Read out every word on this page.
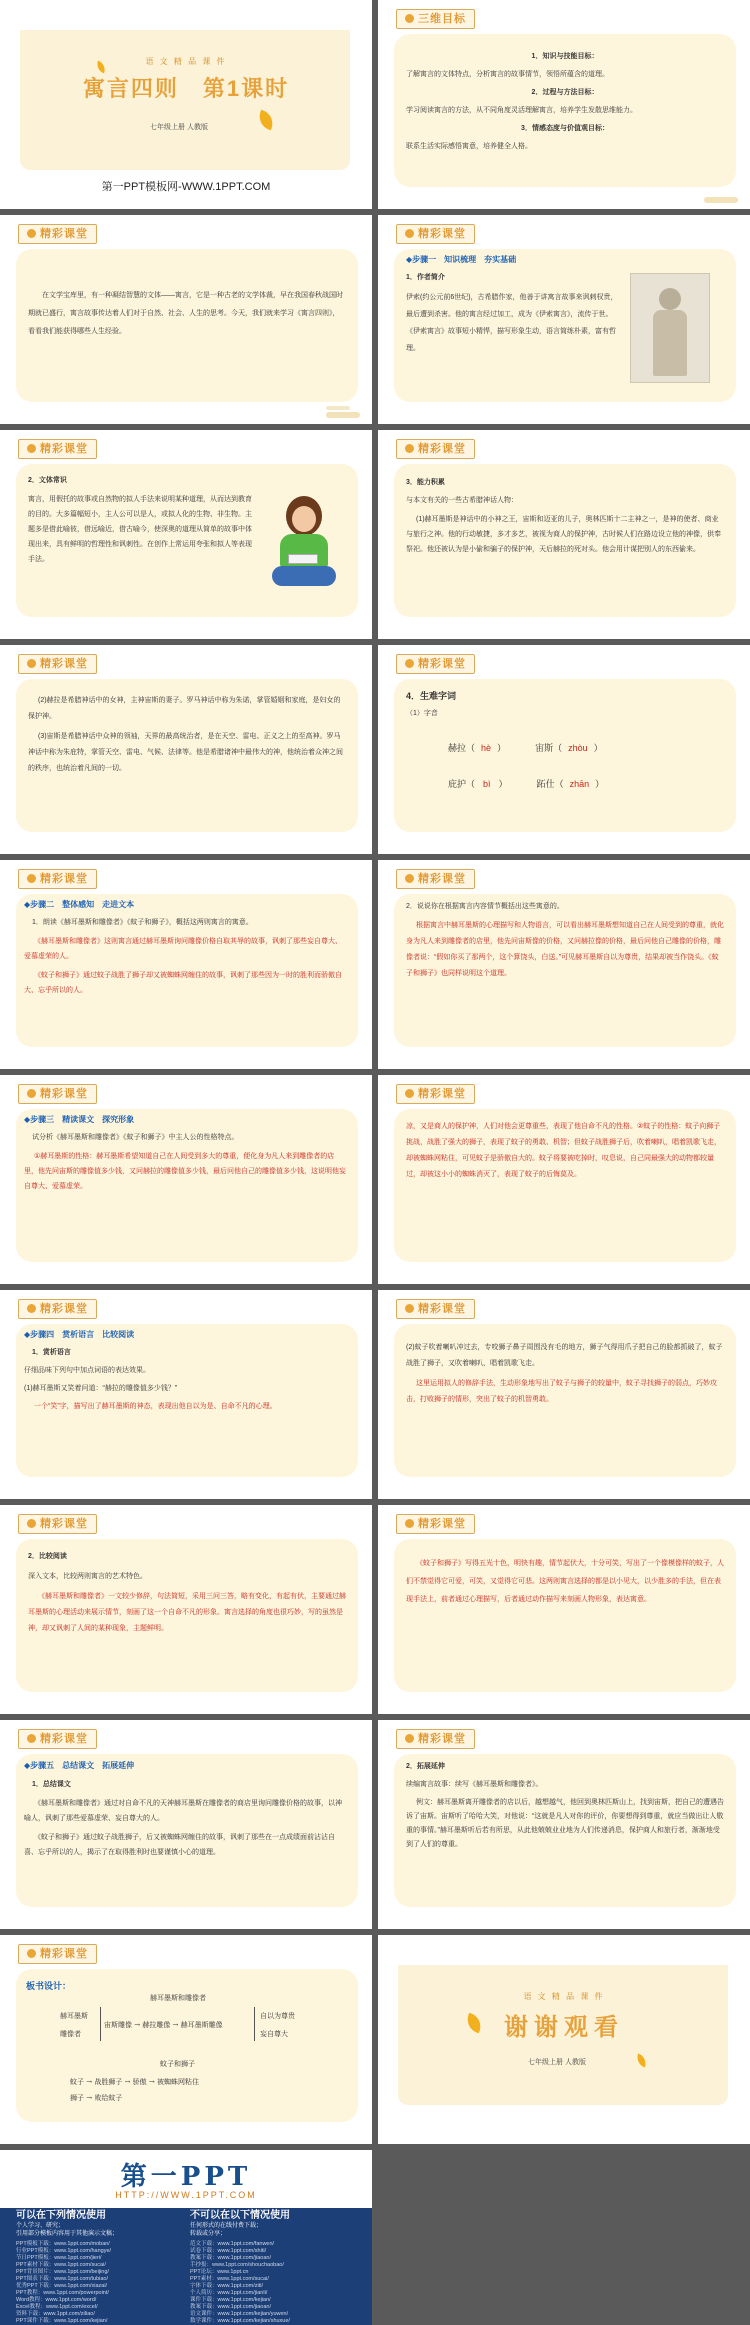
语 文 精 品 课 件
寓言四则　第1课时
七年级上册 人教版
第一PPT模板网-WWW.1PPT.COM
三维目标

1．知识与技能目标：

了解寓言的文体特点，分析寓言的故事情节，领悟所蕴含的道理。

2．过程与方法目标：

学习阅读寓言的方法，从不同角度灵活理解寓言，培养学生发散思维能力。

3．情感态度与价值观目标：

联系生活实际感悟寓意，培养健全人格。

精彩课堂
在文学宝库里，有一种凝结智慧的文体——寓言，它是一种古老的文学体裁，早在我国春秋战国时期就已盛行，寓言故事传达着人们对于自然、社会、人生的思考。今天，我们就来学习《寓言四则》，看看我们能获得哪些人生经验。
精彩课堂

◆步骤一　知识梳理　夯实基础

1．作者简介

伊索(约公元前6世纪)，古希腊作家，他善于讲寓言故事来讽刺权贵，最后遭到杀害。他的寓言经过加工，成为《伊索寓言》，流传于世。《伊索寓言》故事短小精悍，描写形象生动，语言简练朴素，富有哲理。

精彩课堂

2．文体常识

寓言，用假托的故事或自然物的拟人手法来说明某种道理，从而达到教育的目的。大多篇幅短小，主人公可以是人，或拟人化的生物、非生物。主题多是借此喻彼，借远喻近，借古喻今，使深奥的道理从简单的故事中体现出来，具有鲜明的哲理性和讽刺性。在创作上常运用夸张和拟人等表现手法。

精彩课堂

3．能力积累

与本文有关的一些古希腊神话人物：

(1)赫耳墨斯是神话中的小神之王，宙斯和迈亚的儿子，奥林匹斯十二主神之一，是神的使者、商业与旅行之神。他的行动敏捷，多才多艺，被视为商人的保护神，古时候人们在路边设立他的神像，供奉祭祀。他还被认为是小偷和骗子的保护神，天后赫拉的死对头。他会用计谋把别人的东西偷来。

精彩课堂

(2)赫拉是希腊神话中的女神，主神宙斯的妻子。罗马神话中称为朱诺，掌管婚姻和家庭，是妇女的保护神。

(3)宙斯是希腊神话中众神的领袖，天界的最高统治者，是在天空、雷电、正义之上的至高神。罗马神话中称为朱庇特，掌管天空、雷电、气候、法律等。他是希腊诸神中最伟大的神，他统治着众神之间的秩序，也统治着凡间的一切。

精彩课堂

4．生难字词

（1）字音

赫拉（ hè ）	宙斯（ zhòu ）
庇护（ bì ）	跖仕（ zhān ）
精彩课堂

◆步骤二　整体感知　走进文本

1．朗读《赫耳墨斯和雕像者》《蚊子和狮子》，概括这两则寓言的寓意。

《赫耳墨斯和雕像者》这则寓言通过赫耳墨斯询问雕像价格自取其辱的故事，讽刺了那些妄自尊大、爱慕虚荣的人。

《蚊子和狮子》通过蚊子战胜了狮子却又被蜘蛛网缠住的故事，讽刺了那些因为一时的胜利而骄傲自大、忘乎所以的人。

精彩课堂

2．说说你在根据寓言内容情节概括出这些寓意的。

根据寓言中赫耳墨斯的心理描写和人物语言，可以看出赫耳墨斯想知道自己在人间受到的尊重，就化身为凡人来到雕像者的店里，他先问宙斯像的价格，又问赫拉像的价格，最后问他自己雕像的价格，雕像者说：“假如你买了那两个，这个算饶头，白送。”可见赫耳墨斯自以为尊贵，结果却被当作饶头。《蚊子和狮子》也同样说明这个道理。

精彩课堂

◆步骤三　精读课文　探究形象

试分析《赫耳墨斯和雕像者》《蚊子和狮子》中主人公的性格特点。

①赫耳墨斯的性格：赫耳墨斯希望知道自己在人间受到多大的尊重，便化身为凡人来到雕像者的店里，他先问宙斯的雕像值多少钱，又问赫拉的雕像值多少钱，最后问他自己的雕像值多少钱，这说明他妄自尊大、爱慕虚荣。

精彩课堂
凉，又是商人的保护神，人们对他会更尊重些，表现了他自命不凡的性格。②蚊子的性格：蚊子向狮子挑战，战胜了强大的狮子，表现了蚊子的勇敢、机智；但蚊子战胜狮子后，吹着喇叭，唱着凯歌飞走，却被蜘蛛网粘住，可见蚊子是骄傲自大的。蚊子将要被吃掉时，叹息说，自己同最强大的动物都较量过，却被这小小的蜘蛛消灭了，表现了蚊子的后悔莫及。
精彩课堂

◆步骤四　赏析语言　比较阅读

1．赏析语言

仔细品味下列句中加点词语的表达效果。

(1)赫耳墨斯又笑着问道：“赫拉的雕像值多少钱？”

一个“笑”字，描写出了赫耳墨斯的神态，表现出他自以为是、自命不凡的心理。

精彩课堂

(2)蚊子吹着喇叭冲过去，专咬狮子鼻子周围没有毛的地方，狮子气得用爪子把自己的脸都抓破了，蚊子战胜了狮子，又吹着喇叭，唱着凯歌飞走。

这里运用拟人的修辞手法，生动形象地写出了蚊子与狮子的较量中，蚊子寻找狮子的弱点，巧妙攻击，打败狮子的情形，突出了蚊子的机智勇敢。

精彩课堂

2．比较阅读

深入文本，比较两则寓言的艺术特色。

《赫耳墨斯和雕像者》一文较少修辞，句法简短，采用三问三答，略有变化，有起有伏，主要通过赫耳墨斯的心理活动来展示情节，刻画了这一个自命不凡的形象。寓言选择的角度也很巧妙，写的虽然是神，却又讽刺了人间的某种现象，主题鲜明。

精彩课堂
《蚊子和狮子》写得五光十色，明快有趣，情节起伏大，十分可笑，写出了一个像模像样的蚊子，人们不禁觉得它可爱，可笑，又觉得它可悲。这两则寓言选择的都是以小见大，以少胜多的手法，但在表现手法上，前者通过心理描写，后者通过动作描写来刻画人物形象，表达寓意。
精彩课堂

◆步骤五　总结课文　拓展延伸

1．总结课文

《赫耳墨斯和雕像者》通过对自命不凡的天神赫耳墨斯在雕像者的商店里询问雕像价格的故事，以神喻人，讽刺了那些爱慕虚荣、妄自尊大的人。

《蚊子和狮子》通过蚊子战胜狮子，后又被蜘蛛网缠住的故事，讽刺了那些在一点成绩面前沾沾自喜、忘乎所以的人，揭示了在取得胜利时也要谨慎小心的道理。

精彩课堂

2．拓展延伸

续编寓言故事：续写《赫耳墨斯和雕像者》。

例文：赫耳墨斯离开雕像者的店以后，越想越气，他回到奥林匹斯山上，找到宙斯，把自己的遭遇告诉了宙斯。宙斯听了哈哈大笑，对他说：“这就是凡人对你的评价，你要想得到尊重，就应当做出让人敬重的事情。”赫耳墨斯听后若有所思，从此他兢兢业业地为人们传递消息，保护商人和旅行者，渐渐地受到了人们的尊重。

精彩课堂
板书设计：
赫耳墨斯和雕像者
赫耳墨斯
雕像者
宙斯雕像 → 赫拉雕像 → 赫耳墨斯雕像
自以为尊贵
妄自尊大
蚊子和狮子
蚊子 → 战胜狮子 → 骄傲 → 被蜘蛛网粘住
狮子 → 败给蚊子
语 文 精 品 课 件
谢谢观看
七年级上册 人教版
第一PPT
HTTP://WWW.1PPT.COM
可以在下列情况使用
个人学习、研究；
引用部分模板内容用于其他演示文稿；
PPT模板下载：www.1ppt.com/moban/
行业PPT模板：www.1ppt.com/hangye/
节日PPT模板：www.1ppt.com/jieri/
PPT素材下载：www.1ppt.com/sucai/
PPT背景图片：www.1ppt.com/beijing/
PPT图表下载：www.1ppt.com/tubiao/
优秀PPT下载：www.1ppt.com/xiazai/
PPT教程：www.1ppt.com/powerpoint/
Word教程：www.1ppt.com/word/
Excel教程：www.1ppt.com/excel/
资料下载：www.1ppt.com/ziliao/
PPT课件下载：www.1ppt.com/kejian/
不可以在以下情况使用
任何形式的在线付费下载；
转载或分享；
范文下载：www.1ppt.com/fanwen/
试卷下载：www.1ppt.com/shiti/
教案下载：www.1ppt.com/jiaoan/
手抄报：www.1ppt.com/shouchaobao/
PPT论坛：www.1ppt.cn
PPT素材：www.1ppt.com/sucai/
字体下载：www.1ppt.com/ziti/
个人简历：www.1ppt.com/jianli/
课件下载：www.1ppt.com/kejian/
教案下载：www.1ppt.com/jiaoan/
语文课件：www.1ppt.com/kejian/yuwen/
数学课件：www.1ppt.com/kejian/shuxue/
